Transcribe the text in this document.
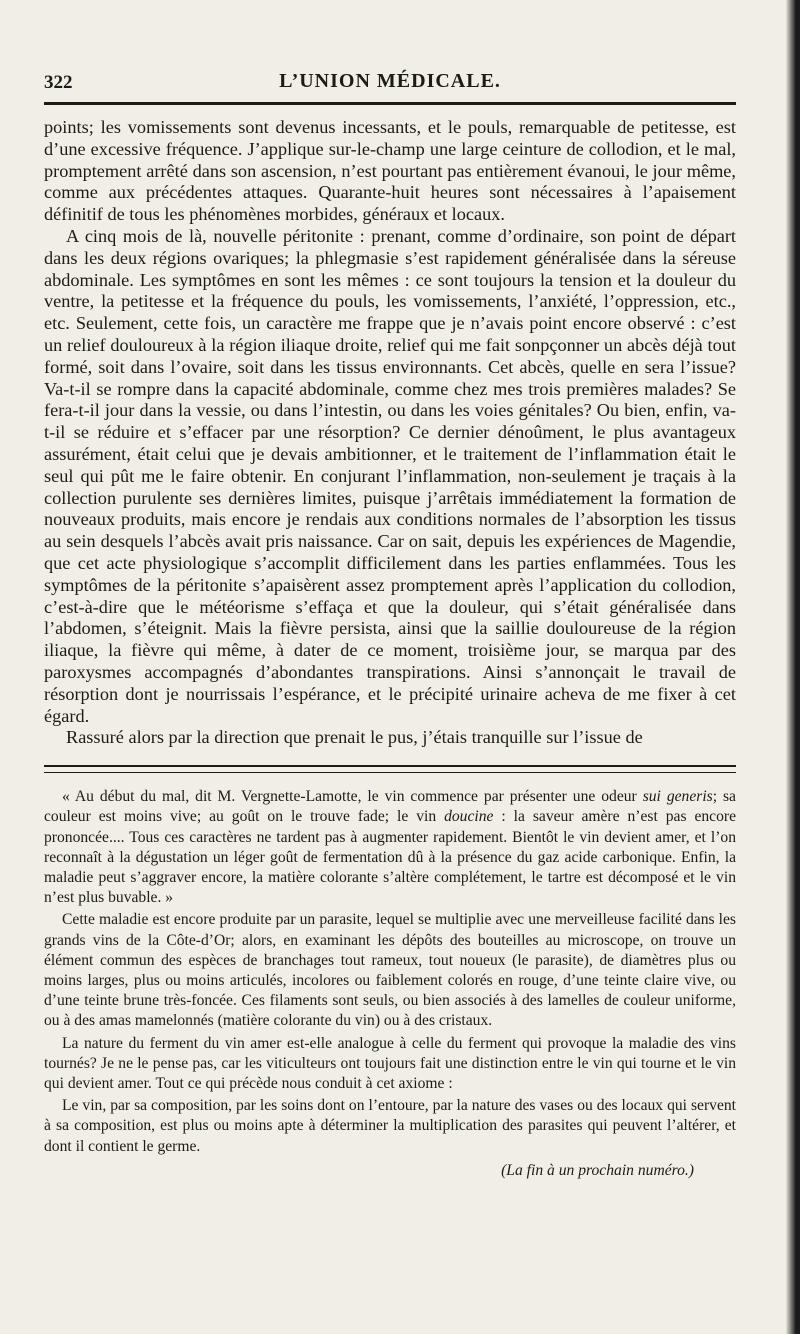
322	L’UNION MÉDICALE.

points; les vomissements sont devenus incessants, et le pouls, remarquable de petitesse, est d’une excessive fréquence. J’applique sur-le-champ une large ceinture de collodion, et le mal, promptement arrêté dans son ascension, n’est pourtant pas entièrement évanoui, le jour même, comme aux précédentes attaques. Quarante-huit heures sont nécessaires à l’apaisement définitif de tous les phénomènes morbides, généraux et locaux.

A cinq mois de là, nouvelle péritonite : prenant, comme d’ordinaire, son point de départ dans les deux régions ovariques; la phlegmasie s’est rapidement généralisée dans la séreuse abdominale. Les symptômes en sont les mêmes : ce sont toujours la tension et la douleur du ventre, la petitesse et la fréquence du pouls, les vomissements, l’anxiété, l’oppression, etc., etc. Seulement, cette fois, un caractère me frappe que je n’avais point encore observé : c’est un relief douloureux à la région iliaque droite, relief qui me fait sonpçonner un abcès déjà tout formé, soit dans l’ovaire, soit dans les tissus environnants. Cet abcès, quelle en sera l’issue? Va-t-il se rompre dans la capacité abdominale, comme chez mes trois premières malades? Se fera-t-il jour dans la vessie, ou dans l’intestin, ou dans les voies génitales? Ou bien, enfin, va-t-il se réduire et s’effacer par une résorption? Ce dernier dénoûment, le plus avantageux assurément, était celui que je devais ambitionner, et le traitement de l’inflammation était le seul qui pût me le faire obtenir. En conjurant l’inflammation, non-seulement je traçais à la collection purulente ses dernières limites, puisque j’arrêtais immédiatement la formation de nouveaux produits, mais encore je rendais aux conditions normales de l’absorption les tissus au sein desquels l’abcès avait pris naissance. Car on sait, depuis les expériences de Magendie, que cet acte physiologique s’accomplit difficilement dans les parties enflammées. Tous les symptômes de la péritonite s’apaisèrent assez promptement après l’application du collodion, c’est-à-dire que le météorisme s’effaça et que la douleur, qui s’était généralisée dans l’abdomen, s’éteignit. Mais la fièvre persista, ainsi que la saillie douloureuse de la région iliaque, la fièvre qui même, à dater de ce moment, troisième jour, se marqua par des paroxysmes accompagnés d’abondantes transpirations. Ainsi s’annonçait le travail de résorption dont je nourrissais l’espérance, et le précipité urinaire acheva de me fixer à cet égard.

Rassuré alors par la direction que prenait le pus, j’étais tranquille sur l’issue de

« Au début du mal, dit M. Vergnette-Lamotte, le vin commence par présenter une odeur sui generis; sa couleur est moins vive; au goût on le trouve fade; le vin doucine : la saveur amère n’est pas encore prononcée.... Tous ces caractères ne tardent pas à augmenter rapidement. Bientôt le vin devient amer, et l’on reconnaît à la dégustation un léger goût de fermentation dû à la présence du gaz acide carbonique. Enfin, la maladie peut s’aggraver encore, la matière colorante s’altère complétement, le tartre est décomposé et le vin n’est plus buvable. »

Cette maladie est encore produite par un parasite, lequel se multiplie avec une merveilleuse facilité dans les grands vins de la Côte-d’Or; alors, en examinant les dépôts des bouteilles au microscope, on trouve un élément commun des espèces de branchages tout rameux, tout noueux (le parasite), de diamètres plus ou moins larges, plus ou moins articulés, incolores ou faiblement colorés en rouge, d’une teinte claire vive, ou d’une teinte brune très-foncée. Ces filaments sont seuls, ou bien associés à des lamelles de couleur uniforme, ou à des amas mamelonnés (matière colorante du vin) ou à des cristaux.

La nature du ferment du vin amer est-elle analogue à celle du ferment qui provoque la maladie des vins tournés? Je ne le pense pas, car les viticulteurs ont toujours fait une distinction entre le vin qui tourne et le vin qui devient amer. Tout ce qui précède nous conduit à cet axiome :

Le vin, par sa composition, par les soins dont on l’entoure, par la nature des vases ou des locaux qui servent à sa composition, est plus ou moins apte à déterminer la multiplication des parasites qui peuvent l’altérer, et dont il contient le germe.

(La fin à un prochain numéro.)
